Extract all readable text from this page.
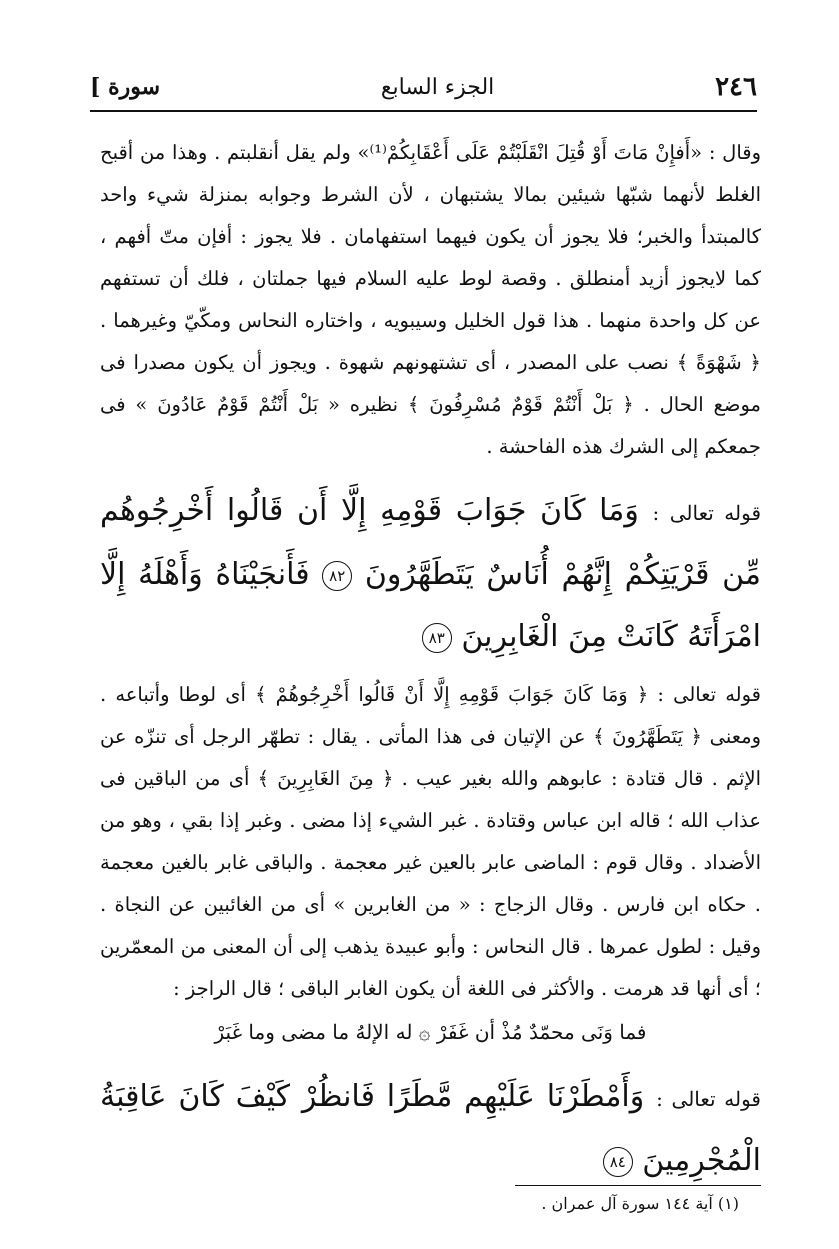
٢٤٦
الجزء السابع
سورة ]

وقال : «أَفإِنْ مَاتَ أَوْ قُتِلَ انْقَلَبْتُمْ عَلَى أَعْقَابِكُمْ⁽¹⁾» ولم يقل أنقلبتم . وهذا من أقبح الغلط لأنهما شبّها شيئين بمالا يشتبهان ، لأن الشرط وجوابه بمنزلة شيء واحد كالمبتدأ والخبر؛ فلا يجوز أن يكون فيهما استفهامان . فلا يجوز : أفإن متّ أفهم ، كما لايجوز أزيد أمنطلق . وقصة لوط عليه السلام فيها جملتان ، فلك أن تستفهم عن كل واحدة منهما . هذا قول الخليل وسيبويه ، واختاره النحاس ومكّيّ وغيرهما . ﴿ شَهْوَةً ﴾ نصب على المصدر ، أى تشتهونهم شهوة . ويجوز أن يكون مصدرا فى موضع الحال . ﴿ بَلْ أَنْتُمْ قَوْمٌ مُسْرِفُونَ ﴾ نظيره « بَلْ أَنْتُمْ قَوْمٌ عَادُونَ » فى جمعكم إلى الشرك هذه الفاحشة .

قوله تعالى : وَمَا كَانَ جَوَابَ قَوْمِهِ إِلَّا أَن قَالُوا أَخْرِجُوهُم مِّن قَرْيَتِكُمْ إِنَّهُمْ أُنَاسٌ يَتَطَهَّرُونَ ٨٢ فَأَنجَيْنَاهُ وَأَهْلَهُ إِلَّا امْرَأَتَهُ كَانَتْ مِنَ الْغَابِرِينَ ٨٣

قوله تعالى : ﴿ وَمَا كَانَ جَوَابَ قَوْمِهِ إِلَّا أَنْ قَالُوا أَخْرِجُوهُمْ ﴾ أى لوطا وأتباعه . ومعنى ﴿ يَتَطَهَّرُونَ ﴾ عن الإتيان فى هذا المأتى . يقال : تطهّر الرجل أى تنزّه عن الإثم . قال قتادة : عابوهم والله بغير عيب . ﴿ مِنَ الغَابِرِينَ ﴾ أى من الباقين فى عذاب الله ؛ قاله ابن عباس وقتادة . غبر الشيء إذا مضى . وغبر إذا بقي ، وهو من الأضداد . وقال قوم : الماضى عابر بالعين غير معجمة . والباقى غابر بالغين معجمة . حكاه ابن فارس . وقال الزجاج : « من الغابرين » أى من الغائبين عن النجاة . وقيل : لطول عمرها . قال النحاس : وأبو عبيدة يذهب إلى أن المعنى من المعمّرين ؛ أى أنها قد هرمت . والأكثر فى اللغة أن يكون الغابر الباقى ؛ قال الراجز :

فما وَنَى محمّدٌ مُذْ أن غَفَرْ ۞ له الإلهُ ما مضى وما غَبَرْ

قوله تعالى : وَأَمْطَرْنَا عَلَيْهِم مَّطَرًا فَانظُرْ كَيْفَ كَانَ عَاقِبَةُ الْمُجْرِمِينَ ٨٤

(١) آية ١٤٤ سورة آل عمران .
